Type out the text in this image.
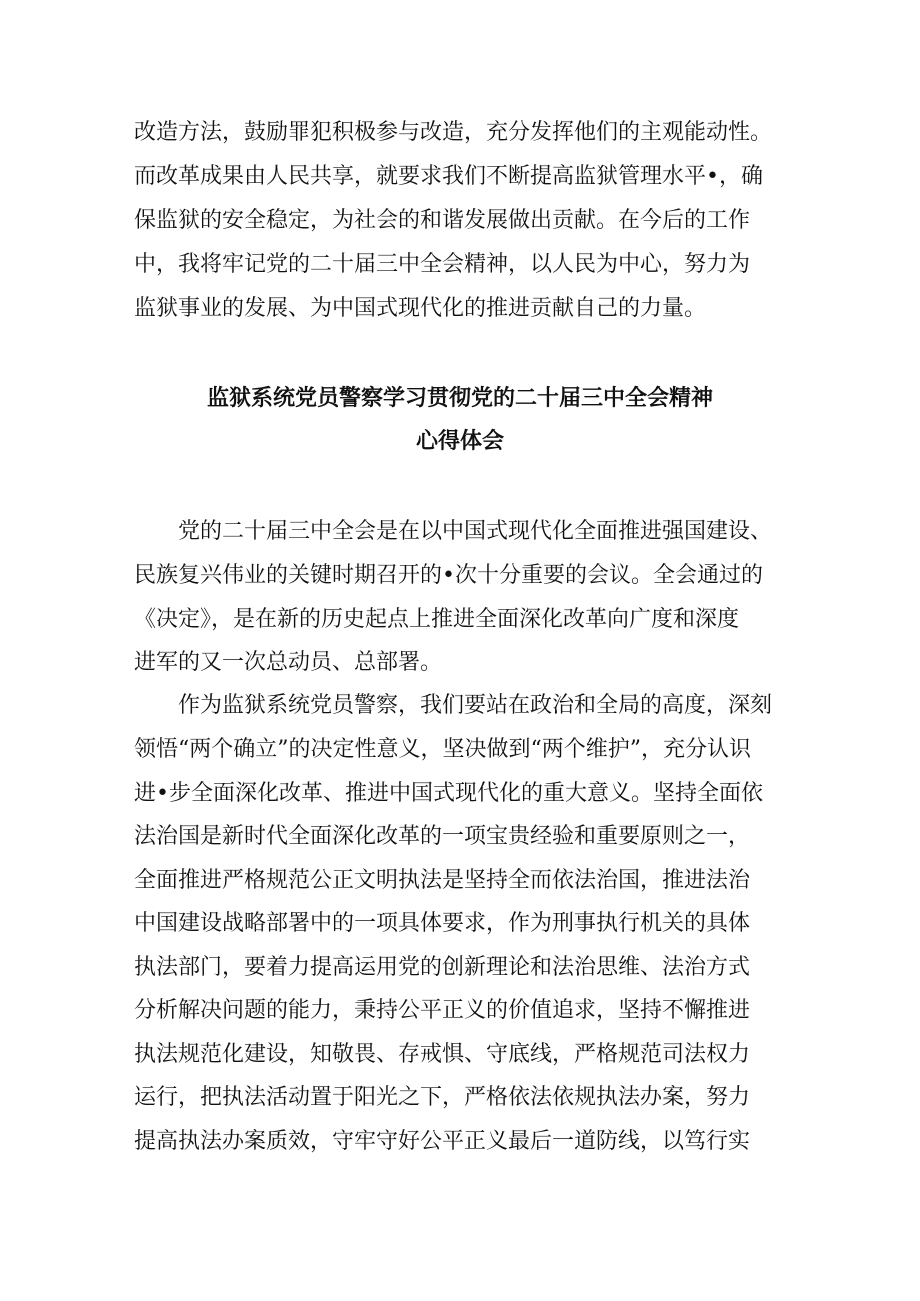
改造方法，鼓励罪犯积极参与改造，充分发挥他们的主观能动性。
而改革成果由人民共享，就要求我们不断提高监狱管理水平•，确
保监狱的安全稳定，为社会的和谐发展做出贡献。在今后的工作
中，我将牢记党的二十届三中全会精神，以人民为中心，努力为
监狱事业的发展、为中国式现代化的推进贡献自己的力量。
监狱系统党员警察学习贯彻党的二十届三中全会精神
心得体会
党的二十届三中全会是在以中国式现代化全面推进强国建设、
民族复兴伟业的关键时期召开的•次十分重要的会议。全会通过的
《决定》，是在新的历史起点上推进全面深化改革向广度和深度
进军的又一次总动员、总部署。
作为监狱系统党员警察，我们要站在政治和全局的高度，深刻
领悟“两个确立”的决定性意义，坚决做到“两个维护”，充分认识
进•步全面深化改革、推进中国式现代化的重大意义。坚持全面依
法治国是新时代全面深化改革的一项宝贵经验和重要原则之一，
全面推进严格规范公正文明执法是坚持全而依法治国，推进法治
中国建设战略部署中的一项具体要求，作为刑事执行机关的具体
执法部门，要着力提高运用党的创新理论和法治思维、法治方式
分析解决问题的能力，秉持公平正义的价值追求，坚持不懈推进
执法规范化建设，知敬畏、存戒惧、守底线，严格规范司法权力
运行，把执法活动置于阳光之下，严格依法依规执法办案，努力
提高执法办案质效，守牢守好公平正义最后一道防线，以笃行实
